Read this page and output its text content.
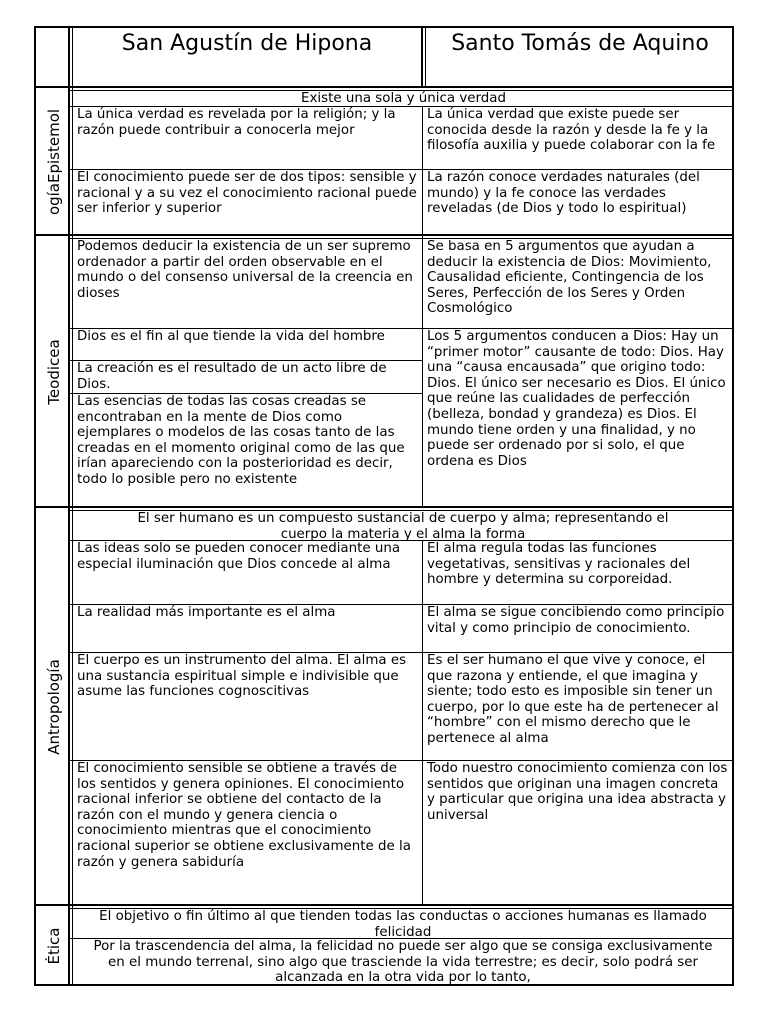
San Agustín de Hipona	Santo Tomás de Aquino
ogíaEpistemol
Teodicea
Antropología
Ética
Existe una sola y única verdad
La única verdad es revelada por la religión; y la razón puede contribuir a conocerla mejor
La única verdad que existe puede ser conocida desde la razón y desde la fe y la filosofía auxilia y puede colaborar con la fe
El conocimiento puede ser de dos tipos: sensible y racional y a su vez el conocimiento racional puede ser inferior y superior
La razón conoce verdades naturales (del mundo) y la fe conoce las verdades reveladas (de Dios y todo lo espiritual)
Podemos deducir la existencia de un ser supremo ordenador a partir del orden observable en el mundo o del consenso universal de la creencia en dioses
Se basa en 5 argumentos que ayudan a deducir la existencia de Dios: Movimiento, Causalidad eficiente, Contingencia de los Seres, Perfección de los Seres y Orden Cosmológico
Dios es el fin al que tiende la vida del hombre
La creación es el resultado de un acto libre de Dios.
Las esencias de todas las cosas creadas se encontraban en la mente de Dios como ejemplares o modelos de las cosas tanto de las creadas en el momento original como de las que irían apareciendo con la posterioridad es decir, todo lo posible pero no existente
Los 5 argumentos conducen a Dios: Hay un “primer motor” causante de todo: Dios. Hay una “causa encausada” que origino todo: Dios. El único ser necesario es Dios. El único que reúne las cualidades de perfección (belleza, bondad y grandeza) es Dios. El mundo tiene orden y una finalidad, y no puede ser ordenado por si solo, el que ordena es Dios
El ser humano es un compuesto sustancial de cuerpo y alma; representando el cuerpo la materia y el alma la forma
Las ideas solo se pueden conocer mediante una especial iluminación que Dios concede al alma
El alma regula todas las funciones vegetativas, sensitivas y racionales del hombre y determina su corporeidad.
La realidad más importante es el alma	El alma se sigue concibiendo como principio vital y como principio de conocimiento.
El cuerpo es un instrumento del alma. El alma es una sustancia espiritual simple e indivisible que asume las funciones cognoscitivas
Es el ser humano el que vive y conoce, el que razona y entiende, el que imagina y siente; todo esto es imposible sin tener un cuerpo, por lo que este ha de pertenecer al “hombre” con el mismo derecho que le pertenece al alma
El conocimiento sensible se obtiene a través de los sentidos y genera opiniones. El conocimiento racional inferior se obtiene del contacto de la razón con el mundo y genera ciencia o conocimiento mientras que el conocimiento racional superior se obtiene exclusivamente de la razón y genera sabiduría
Todo nuestro conocimiento comienza con los sentidos que originan una imagen concreta y particular que origina una idea abstracta y universal
El objetivo o fin último al que tienden todas las conductas o acciones humanas es llamado felicidad
Por la trascendencia del alma, la felicidad no puede ser algo que se consiga exclusivamente en el mundo terrenal, sino algo que trasciende la vida terrestre; es decir, solo podrá ser alcanzada en la otra vida por lo tanto,
